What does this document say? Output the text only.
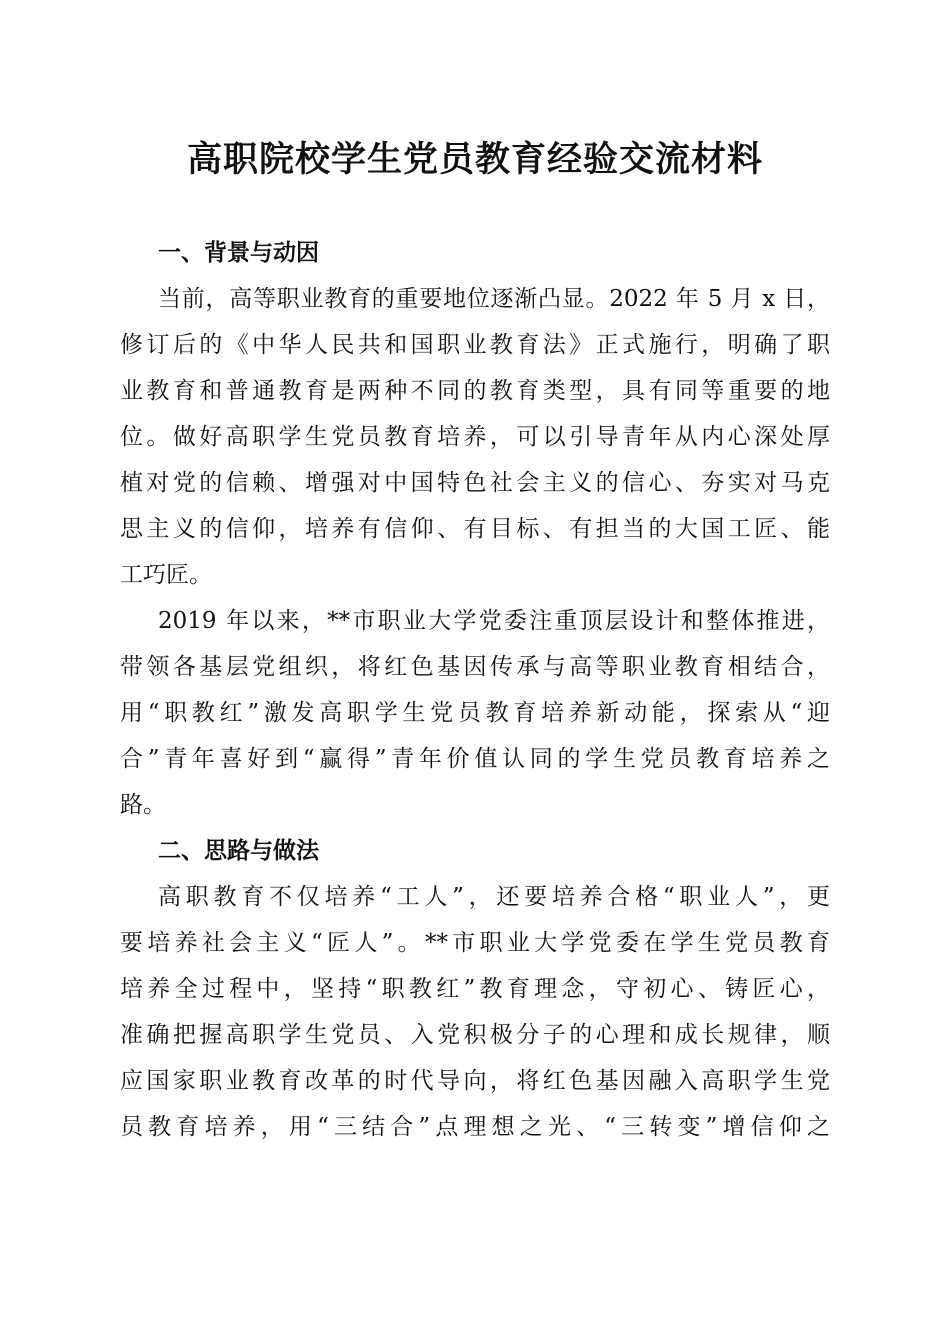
高职院校学生党员教育经验交流材料
一、背景与动因
当前，高等职业教育的重要地位逐渐凸显。2022 年 5 月 x 日，
修订后的《中华人民共和国职业教育法》正式施行，明确了职
业教育和普通教育是两种不同的教育类型，具有同等重要的地
位。做好高职学生党员教育培养，可以引导青年从内心深处厚
植对党的信赖、增强对中国特色社会主义的信心、夯实对马克
思主义的信仰，培养有信仰、有目标、有担当的大国工匠、能
工巧匠。
2019 年以来，**市职业大学党委注重顶层设计和整体推进，
带领各基层党组织，将红色基因传承与高等职业教育相结合，
用“职教红”激发高职学生党员教育培养新动能，探索从“迎
合”青年喜好到“赢得”青年价值认同的学生党员教育培养之
路。
二、思路与做法
高职教育不仅培养“工人”，还要培养合格“职业人”，更
要培养社会主义“匠人”。**市职业大学党委在学生党员教育
培养全过程中，坚持“职教红”教育理念，守初心、铸匠心，
准确把握高职学生党员、入党积极分子的心理和成长规律，顺
应国家职业教育改革的时代导向，将红色基因融入高职学生党
员教育培养，用“三结合”点理想之光、“三转变”增信仰之
